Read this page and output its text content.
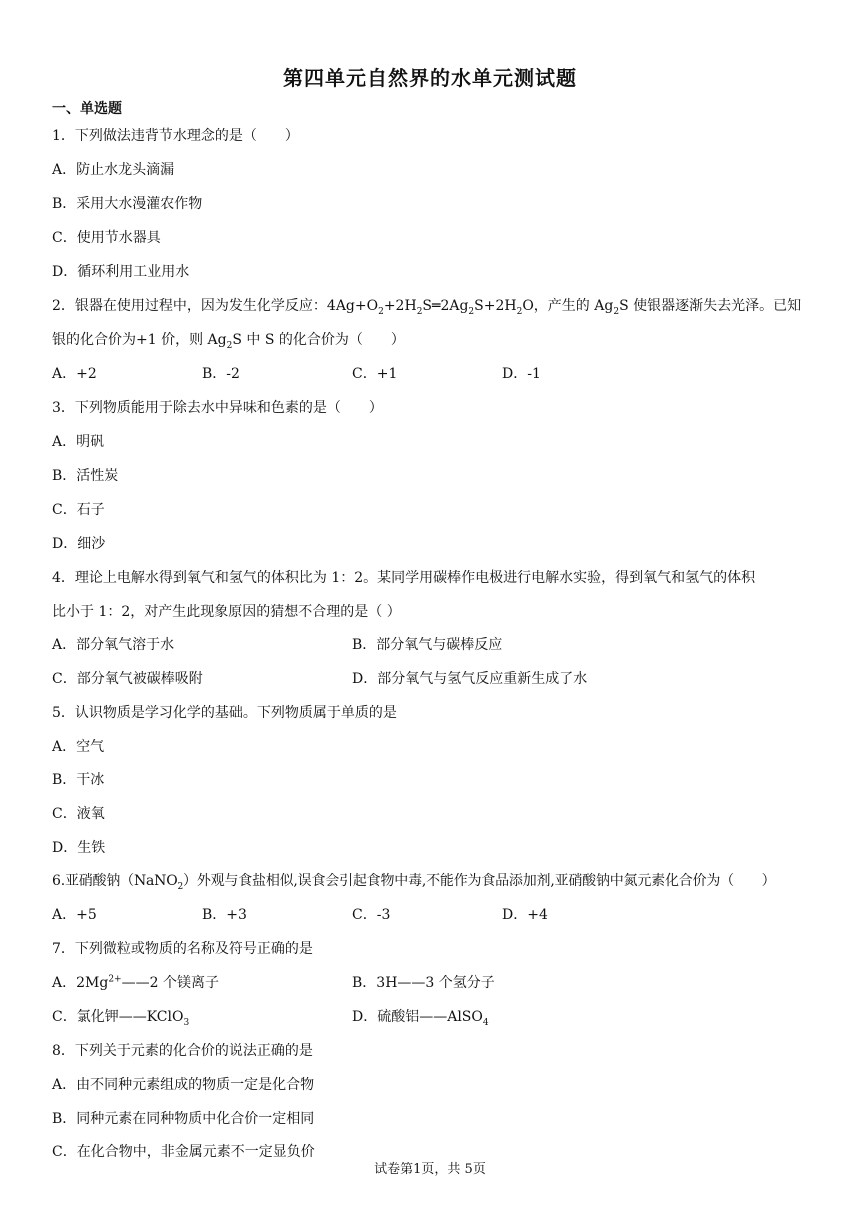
第四单元自然界的水单元测试题
一、单选题
1．下列做法违背节水理念的是（　　）
A．防止水龙头滴漏
B．采用大水漫灌农作物
C．使用节水器具
D．循环利用工业用水
2．银器在使用过程中，因为发生化学反应：$4Ag+O_2+2H_2S═2Ag_2S+2H_2O$，产生的 $Ag_2S$ 使银器逐渐失去光泽。已知
银的化合价为+1 价，则 $Ag_2S$ 中 S 的化合价为（　　）
A．+2	B．-2	C．+1	D．-1
3．下列物质能用于除去水中异味和色素的是（　　）
A．明矾
B．活性炭
C．石子
D．细沙
4．理论上电解水得到氧气和氢气的体积比为 1：2。某同学用碳棒作电极进行电解水实验，得到氧气和氢气的体积
比小于 1：2，对产生此现象原因的猜想不合理的是（ ）
A．部分氧气溶于水	B．部分氧气与碳棒反应
C．部分氧气被碳棒吸附	D．部分氧气与氢气反应重新生成了水
5．认识物质是学习化学的基础。下列物质属于单质的是
A．空气
B．干冰
C．液氧
D．生铁
6.亚硝酸钠（NaNO$_2$）外观与食盐相似,误食会引起食物中毒,不能作为食品添加剂,亚硝酸钠中氮元素化合价为（　　）
A．+5	B．+3	C．-3	D．+4
7．下列微粒或物质的名称及符号正确的是
A．$2Mg^{2+}——2$ 个镁离子	B．3H——3 个氢分子
C．氯化钾——KClO$_3$	D．硫酸铝——AlSO$_4$
8．下列关于元素的化合价的说法正确的是
A．由不同种元素组成的物质一定是化合物
B．同种元素在同种物质中化合价一定相同
C．在化合物中，非金属元素不一定显负价
试卷第1页，共 5页
